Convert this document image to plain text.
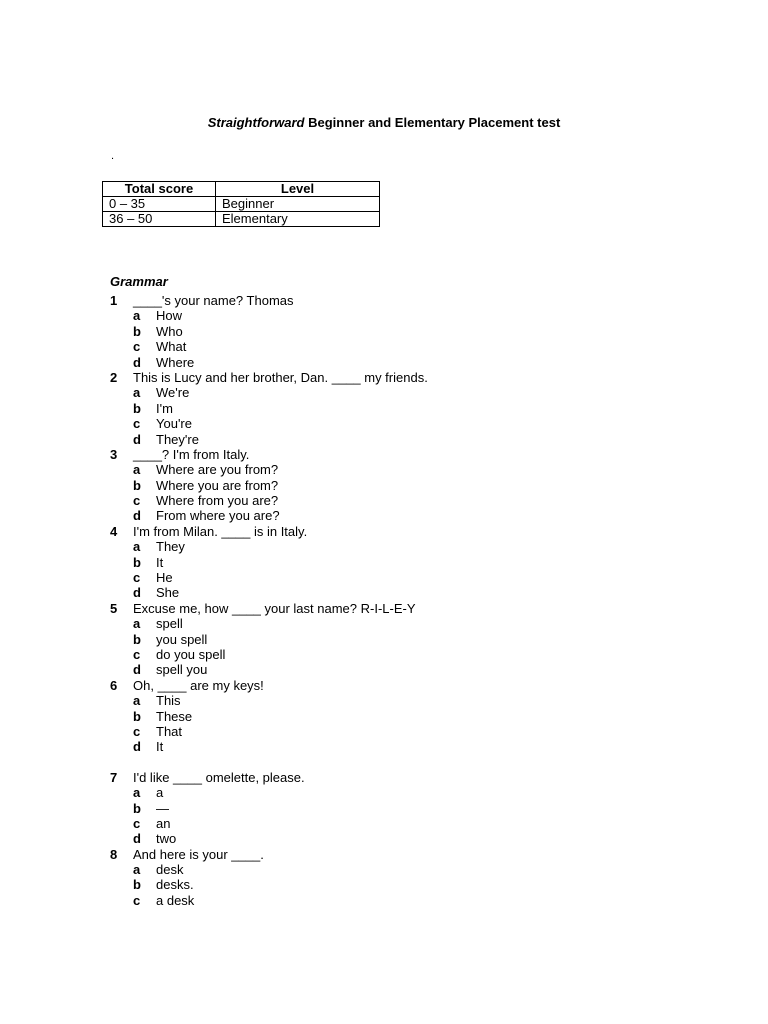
Straightforward Beginner and Elementary Placement test
.
Total score	Level
0 – 35	Beginner
36 – 50	Elementary
Grammar
1	____'s your name? Thomas
a	How
b	Who
c	What
d	Where
2	This is Lucy and her brother, Dan. ____ my friends.
a	We're
b	I'm
c	You're
d	They're
3	____? I'm from Italy.
a	Where are you from?
b	Where you are from?
c	Where from you are?
d	From where you are?
4	I'm from Milan. ____ is in Italy.
a	They
b	It
c	He
d	She
5	Excuse me, how ____ your last name? R-I-L-E-Y
a	spell
b	you spell
c	do you spell
d	spell you
6	Oh, ____ are my keys!
a	This
b	These
c	That
d	It
7	I'd like ____ omelette, please.
a	a
b	—
c	an
d	two
8	And here is your ____.
a	desk
b	desks.
c	a desk
